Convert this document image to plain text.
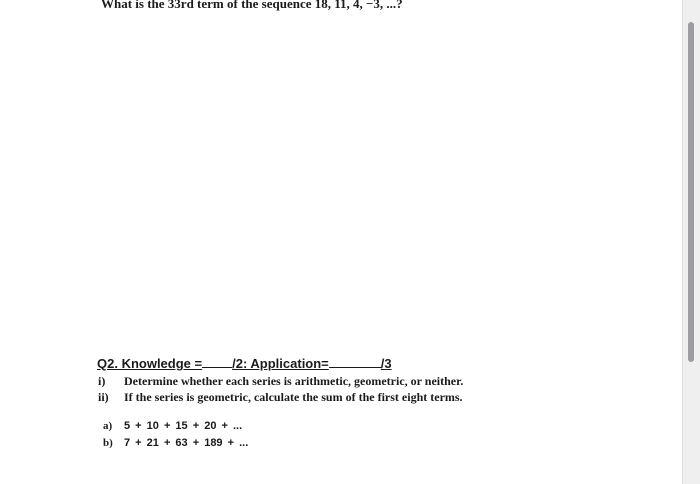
What is the 33rd term of the sequence 18, 11, 4, −3, ...?
Q2. Knowledge = /2: Application=	/3
i) Determine whether each series is arithmetic, geometric, or neither.
ii) If the series is geometric, calculate the sum of the first eight terms.
a) 5 + 10 + 15 + 20 + ...
b) 7 + 21 + 63 + 189 + ...
